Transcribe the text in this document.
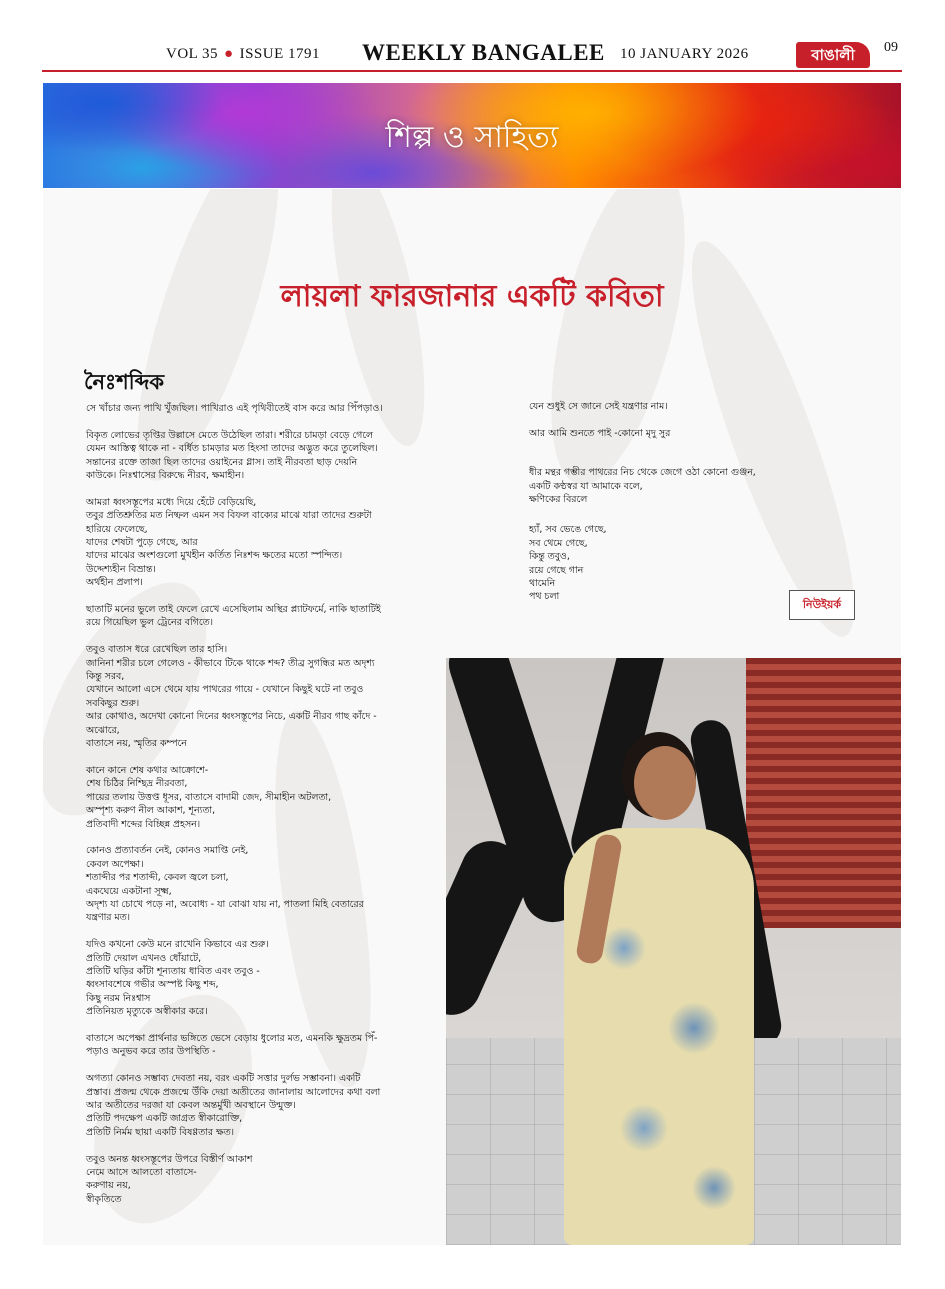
VOL 35 ● ISSUE 1791 WEEKLY BANGALEE 10 JANUARY 2026	বাঙালী	09
শিল্প ও সাহিত্য
লায়লা ফারজানার একটি কবিতা
নৈঃশব্দিক
সে খাঁচার জন্য পাখি খুঁজছিল। পাখিরাও এই পৃথিবীতেই বাস করে আর পিঁপড়াও।
বিকৃত লোভের তৃপ্তির উল্লাসে মেতে উঠেছিল তারা। শরীরে চামড়া বেড়ে গেলে
যেমন আস্তিত্ব থাকে না - বর্ধিত চামড়ার মত হিংসা তাদের অদ্ভুত করে তুলেছিল।
সন্তানের রক্তে তাজা ছিল তাদের ওয়াইনের গ্লাস। তাই নীরবতা ছাড় দেয়নি
কাউকে। নিঃশ্বাসের বিরুদ্ধে নীরব, ক্ষমাহীন।
আমরা ধ্বংসস্তূপের মধ্যে দিয়ে হেঁটে বেড়িয়েছি,
তবুর প্রতিশ্রুতির মত নিষ্ফল এমন সব বিফল বাক্যের মাঝে যারা তাদের শুরুটা
হারিয়ে ফেলেছে,
যাদের শেষটা পুড়ে গেছে, আর
যাদের মাঝের অংশগুলো মুখহীন কর্তিত নিঃশব্দ ক্ষতের মতো স্পন্দিত।
উদ্দেশ্যহীন বিভ্রান্ত।
অর্থহীন প্রলাপ।
ছাতাটি মনের ভুলে তাই ফেলে রেখে এসেছিলাম অস্থির প্ল্যাটফর্মে, নাকি ছাতাটিই
রয়ে গিয়েছিল ভুল ট্রেনের বগিতে।
তবুও বাতাস ধরে রেখেছিল তার হাসি।
জানিনা শরীর চলে গেলেও - কীভাবে টিকে থাকে শব্দ? তীব্র সুগন্ধির মত অদৃশ্য
কিন্তু সরব,
যেখানে আলো এসে থেমে যায় পাথরের গায়ে - যেখানে কিছুই ঘটে না তবুও
সবকিছুর শুরু।
আর কোথাও, অদেখা কোনো দিনের ধ্বংসস্তূপের নিচে, একটি নীরব গাছ কাঁদে -
অঝোরে,
বাতাসে নয়, স্মৃতির কম্পনে
কানে কানে শেষ কথার আক্রোশে-
শেষ চিঠির নিশ্ছিদ্র নীরবতা,
পায়ের তলায় উত্তপ্ত ধূসর, বাতাসে বাদামী জেদ, সীমাহীন অটলতা,
অস্পৃশ্য করুণ নীল আকাশ, শূন্যতা,
প্রতিবাদী শব্দের বিচ্ছিন্ন প্রহসন।
কোনও প্রত্যাবর্তন নেই, কোনও সমাপ্তি নেই,
কেবল অপেক্ষা।
শতাব্দীর পর শতাব্দী, কেবল জ্বলে চলা,
একঘেয়ে একটানা সূক্ষ্ম,
অদৃশ্য যা চোখে পড়ে না, অবোধ্য - যা বোঝা যায় না, পাতলা মিহি বেতারের
যন্ত্রণার মত।
যদিও কখনো কেউ মনে রাখেনি কিভাবে এর শুরু।
প্রতিটি দেয়াল এখনও ধোঁয়াটে,
প্রতিটি ঘড়ির কাঁটা শূন্যতায় ধাবিত এবং তবুও -
ধ্বংসাবশেষে গভীর অস্পষ্ট কিছু শব্দ,
কিছু নরম নিঃশ্বাস
প্রতিনিয়ত মৃত্যুকে অস্বীকার করে।
বাতাসে অপেক্ষা প্রার্থনার ভঙ্গিতে ভেসে বেড়ায় ধুলোর মত, এমনকি ক্ষুদ্রতম পিঁ-
পড়াও অনুভব করে তার উপস্থিতি -
অগত্যা কোনও সম্ভাব্য দেবতা নয়, বরং একটি সত্তার দুর্লভ সম্ভাবনা। একটি
প্রস্তাব। প্রজন্ম থেকে প্রজন্মে উঁকি দেয়া অতীতের জানালায় আলোদের কথা বলা
আর অতীতের দরজা যা কেবল অন্তর্মুখী অবস্থানে উন্মুক্ত।
প্রতিটি পদক্ষেপ একটি জাগ্রত স্বীকারোক্তি,
প্রতিটি নির্মম ছায়া একটি বিষণ্ণতার ক্ষত।
তবুও অনন্ত ধ্বংসস্তূপের উপরে বিস্তীর্ণ আকাশ
নেমে আসে আলতো বাতাসে-
করুণায় নয়,
স্বীকৃতিতে
যেন শুধুই সে জানে সেই যন্ত্রণার নাম।
আর আমি শুনতে পাই -কোনো মৃদু সুর
ধীর মন্থর গম্ভীর পাথরের নিচ থেকে জেগে ওঠা কোনো গুঞ্জন,
একটি কণ্ঠস্বর যা আমাকে বলে,
ক্ষণিকের বিরলে
হ্যাঁ, সব ভেঙে গেছে,
সব থেমে গেছে,
কিন্তু তবুও,
রয়ে গেছে গান
থামেনি
পথ চলা
নিউইয়র্ক
